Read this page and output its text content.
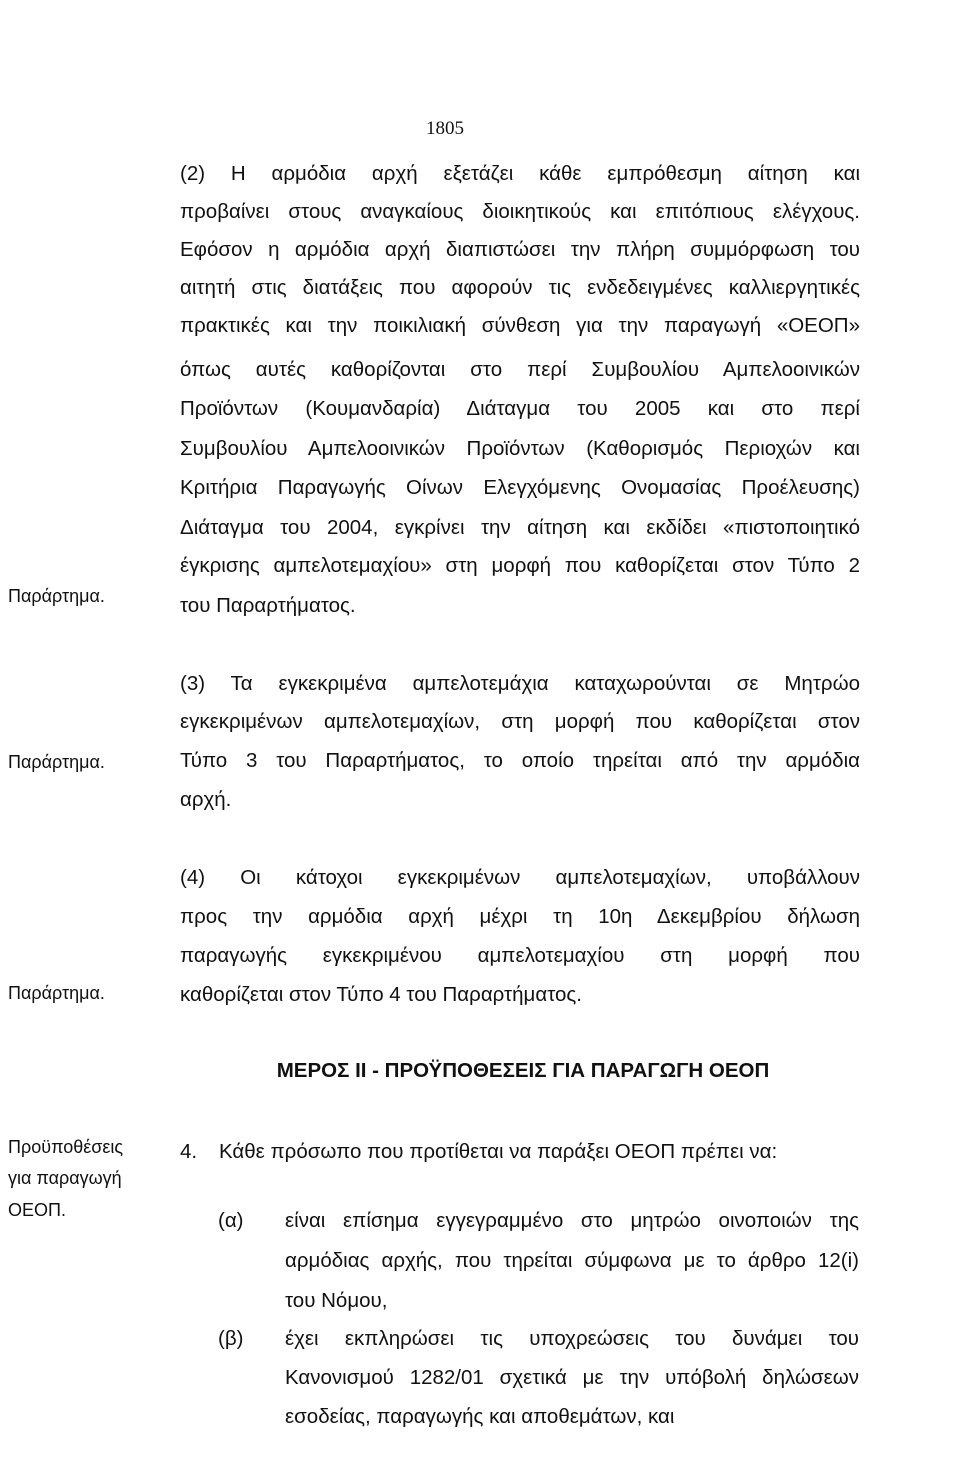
1805
(2) Η αρμόδια αρχή εξετάζει κάθε εμπρόθεσμη αίτηση και
προβαίνει στους αναγκαίους διοικητικούς και επιτόπιους ελέγχους.
Εφόσον η αρμόδια αρχή διαπιστώσει την πλήρη συμμόρφωση του
αιτητή στις διατάξεις που αφορούν τις ενδεδειγμένες καλλιεργητικές
πρακτικές και την ποικιλιακή σύνθεση για την παραγωγή «ΟΕΟΠ»
όπως αυτές καθορίζονται στο περί Συμβουλίου Αμπελοοινικών
Προϊόντων (Κουμανδαρία) Διάταγμα του 2005 και στο περί
Συμβουλίου Αμπελοοινικών Προϊόντων (Καθορισμός Περιοχών και
Κριτήρια Παραγωγής Οίνων Ελεγχόμενης Ονομασίας Προέλευσης)
Διάταγμα του 2004, εγκρίνει την αίτηση και εκδίδει «πιστοποιητικό
έγκρισης αμπελοτεμαχίου» στη μορφή που καθορίζεται στον Τύπο 2
του Παραρτήματος.
Παράρτημα.
(3) Τα εγκεκριμένα αμπελοτεμάχια καταχωρούνται σε Μητρώο
εγκεκριμένων αμπελοτεμαχίων, στη μορφή που καθορίζεται στον
Τύπο 3 του Παραρτήματος, το οποίο τηρείται από την αρμόδια
αρχή.
Παράρτημα.
(4) Οι κάτοχοι εγκεκριμένων αμπελοτεμαχίων, υποβάλλουν
προς την αρμόδια αρχή μέχρι τη 10η Δεκεμβρίου δήλωση
παραγωγής εγκεκριμένου αμπελοτεμαχίου στη μορφή που
καθορίζεται στον Τύπο 4 του Παραρτήματος.
Παράρτημα.
ΜΕΡΟΣ ΙΙ - ΠΡΟΫΠΟΘΕΣΕΙΣ ΓΙΑ ΠΑΡΑΓΩΓΗ ΟΕΟΠ
Προϋποθέσεις
για παραγωγή
ΟΕΟΠ.
4. Κάθε πρόσωπο που προτίθεται να παράξει ΟΕΟΠ πρέπει να:
(α) είναι επίσημα εγγεγραμμένο στο μητρώο οινοποιών της
αρμόδιας αρχής, που τηρείται σύμφωνα με το άρθρο 12(i)
του Νόμου,
(β) έχει εκπληρώσει τις υποχρεώσεις του δυνάμει του
Κανονισμού 1282/01 σχετικά με την υπόβολή δηλώσεων
εσοδείας, παραγωγής και αποθεμάτων, και
